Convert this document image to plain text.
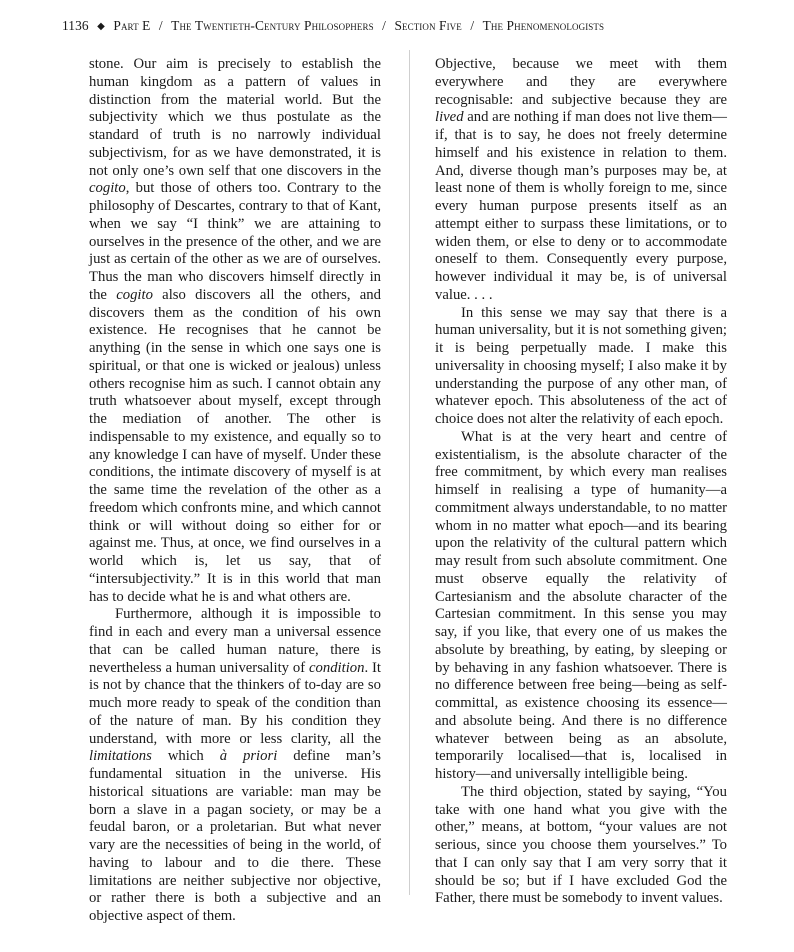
1136 ◆ Part E / The Twentieth-Century Philosophers / Section Five / The Phenomenologists

stone. Our aim is precisely to establish the human kingdom as a pattern of values in distinction from the material world. But the subjectivity which we thus postulate as the standard of truth is no narrowly individual subjectivism, for as we have demonstrated, it is not only one’s own self that one discovers in the cogito, but those of others too. Contrary to the philosophy of Descartes, contrary to that of Kant, when we say “I think” we are attaining to ourselves in the presence of the other, and we are just as certain of the other as we are of ourselves. Thus the man who discovers himself directly in the cogito also discovers all the others, and discovers them as the condition of his own existence. He recognises that he cannot be anything (in the sense in which one says one is spiritual, or that one is wicked or jealous) unless others recognise him as such. I cannot obtain any truth whatsoever about myself, except through the mediation of another. The other is indispensable to my existence, and equally so to any knowledge I can have of myself. Under these conditions, the intimate discovery of myself is at the same time the revelation of the other as a freedom which confronts mine, and which cannot think or will without doing so either for or against me. Thus, at once, we find ourselves in a world which is, let us say, that of “intersubjectivity.” It is in this world that man has to decide what he is and what others are.

Furthermore, although it is impossible to find in each and every man a universal essence that can be called human nature, there is nevertheless a human universality of condition. It is not by chance that the thinkers of to-day are so much more ready to speak of the condition than of the nature of man. By his condition they understand, with more or less clarity, all the limitations which à priori define man’s fundamental situation in the universe. His historical situations are variable: man may be born a slave in a pagan society, or may be a feudal baron, or a proletarian. But what never vary are the necessities of being in the world, of having to labour and to die there. These limitations are neither subjective nor objective, or rather there is both a subjective and an objective aspect of them.

Objective, because we meet with them everywhere and they are everywhere recognisable: and subjective because they are lived and are nothing if man does not live them—if, that is to say, he does not freely determine himself and his existence in relation to them. And, diverse though man’s purposes may be, at least none of them is wholly foreign to me, since every human purpose presents itself as an attempt either to surpass these limitations, or to widen them, or else to deny or to accommodate oneself to them. Consequently every purpose, however individual it may be, is of universal value. . . .

In this sense we may say that there is a human universality, but it is not something given; it is being perpetually made. I make this universality in choosing myself; I also make it by understanding the purpose of any other man, of whatever epoch. This absoluteness of the act of choice does not alter the relativity of each epoch.

What is at the very heart and centre of existentialism, is the absolute character of the free commitment, by which every man realises himself in realising a type of humanity—a commitment always understandable, to no matter whom in no matter what epoch—and its bearing upon the relativity of the cultural pattern which may result from such absolute commitment. One must observe equally the relativity of Cartesianism and the absolute character of the Cartesian commitment. In this sense you may say, if you like, that every one of us makes the absolute by breathing, by eating, by sleeping or by behaving in any fashion whatsoever. There is no difference between free being—being as self-committal, as existence choosing its essence—and absolute being. And there is no difference whatever between being as an absolute, temporarily localised—that is, localised in history—and universally intelligible being.

The third objection, stated by saying, “You take with one hand what you give with the other,” means, at bottom, “your values are not serious, since you choose them yourselves.” To that I can only say that I am very sorry that it should be so; but if I have excluded God the Father, there must be somebody to invent values.
